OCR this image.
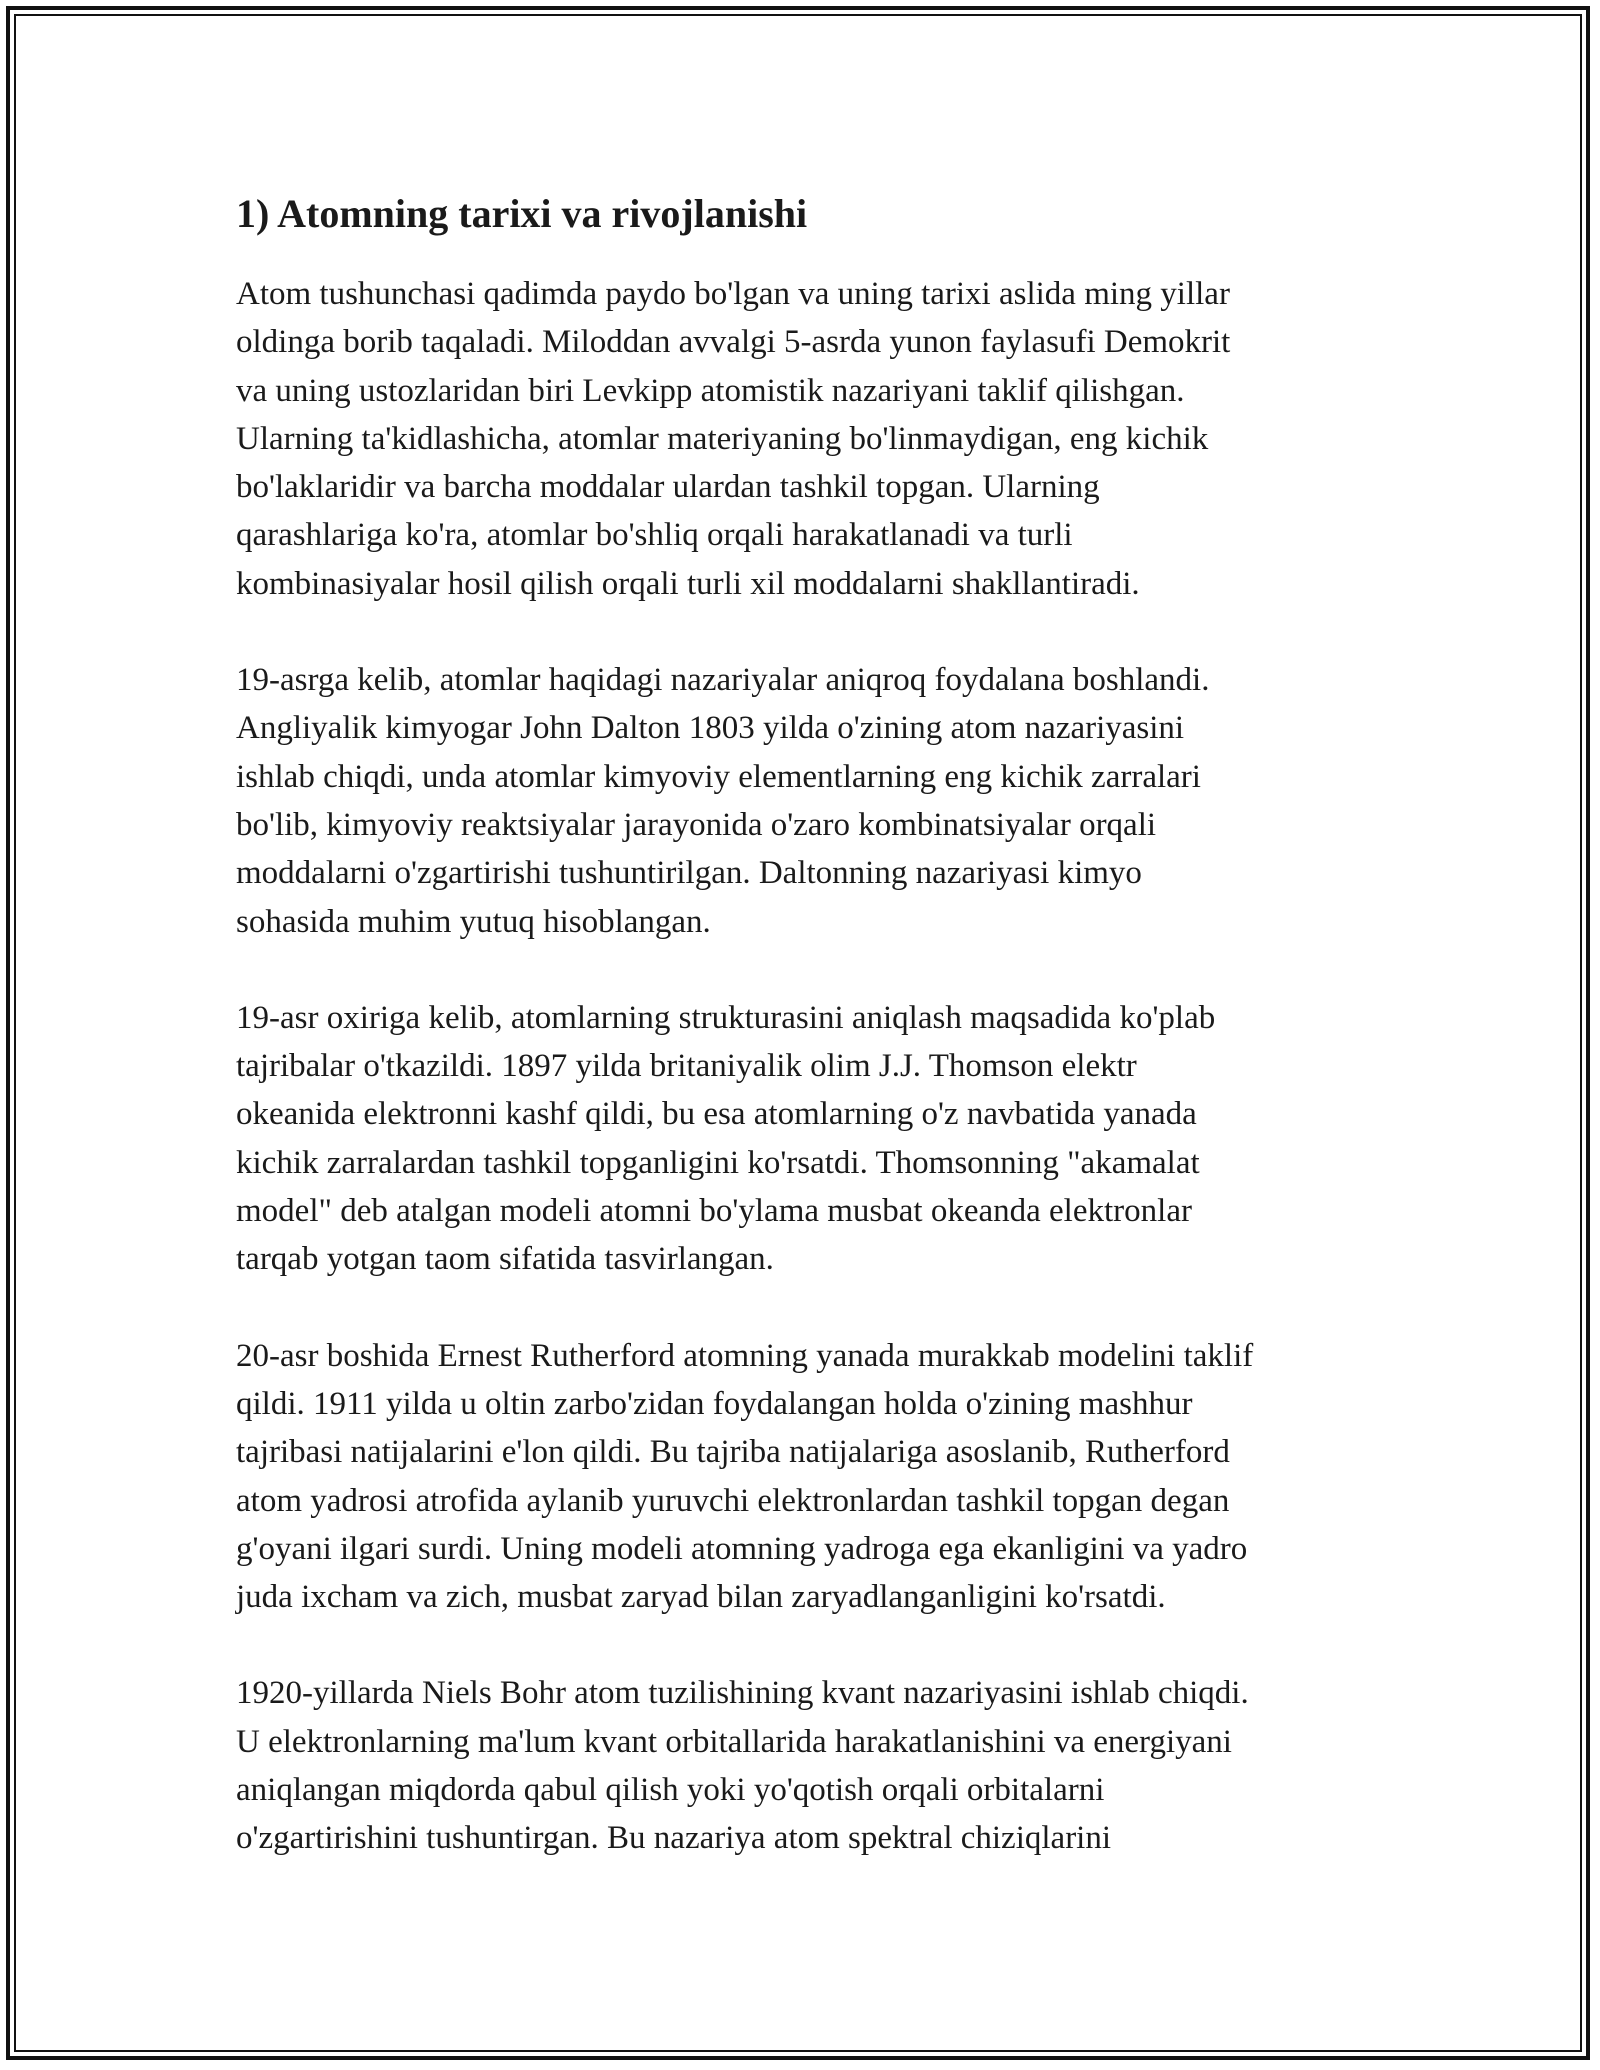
1) Atomning tarixi va rivojlanishi

Atom tushunchasi qadimda paydo bo'lgan va uning tarixi aslida ming yillar
oldinga borib taqaladi. Miloddan avvalgi 5-asrda yunon faylasufi Demokrit
va uning ustozlaridan biri Levkipp atomistik nazariyani taklif qilishgan.
Ularning ta'kidlashicha, atomlar materiyaning bo'linmaydigan, eng kichik
bo'laklaridir va barcha moddalar ulardan tashkil topgan. Ularning
qarashlariga ko'ra, atomlar bo'shliq orqali harakatlanadi va turli
kombinasiyalar hosil qilish orqali turli xil moddalarni shakllantiradi.

19-asrga kelib, atomlar haqidagi nazariyalar aniqroq foydalana boshlandi.
Angliyalik kimyogar John Dalton 1803 yilda o'zining atom nazariyasini
ishlab chiqdi, unda atomlar kimyoviy elementlarning eng kichik zarralari
bo'lib, kimyoviy reaktsiyalar jarayonida o'zaro kombinatsiyalar orqali
moddalarni o'zgartirishi tushuntirilgan. Daltonning nazariyasi kimyo
sohasida muhim yutuq hisoblangan.

19-asr oxiriga kelib, atomlarning strukturasini aniqlash maqsadida ko'plab
tajribalar o'tkazildi. 1897 yilda britaniyalik olim J.J. Thomson elektr
okeanida elektronni kashf qildi, bu esa atomlarning o'z navbatida yanada
kichik zarralardan tashkil topganligini ko'rsatdi. Thomsonning "akamalat
model" deb atalgan modeli atomni bo'ylama musbat okeanda elektronlar
tarqab yotgan taom sifatida tasvirlangan.

20-asr boshida Ernest Rutherford atomning yanada murakkab modelini taklif
qildi. 1911 yilda u oltin zarbo'zidan foydalangan holda o'zining mashhur
tajribasi natijalarini e'lon qildi. Bu tajriba natijalariga asoslanib, Rutherford
atom yadrosi atrofida aylanib yuruvchi elektronlardan tashkil topgan degan
g'oyani ilgari surdi. Uning modeli atomning yadroga ega ekanligini va yadro
juda ixcham va zich, musbat zaryad bilan zaryadlanganligini ko'rsatdi.

1920-yillarda Niels Bohr atom tuzilishining kvant nazariyasini ishlab chiqdi.
U elektronlarning ma'lum kvant orbitallarida harakatlanishini va energiyani
aniqlangan miqdorda qabul qilish yoki yo'qotish orqali orbitalarni
o'zgartirishini tushuntirgan. Bu nazariya atom spektral chiziqlarini
